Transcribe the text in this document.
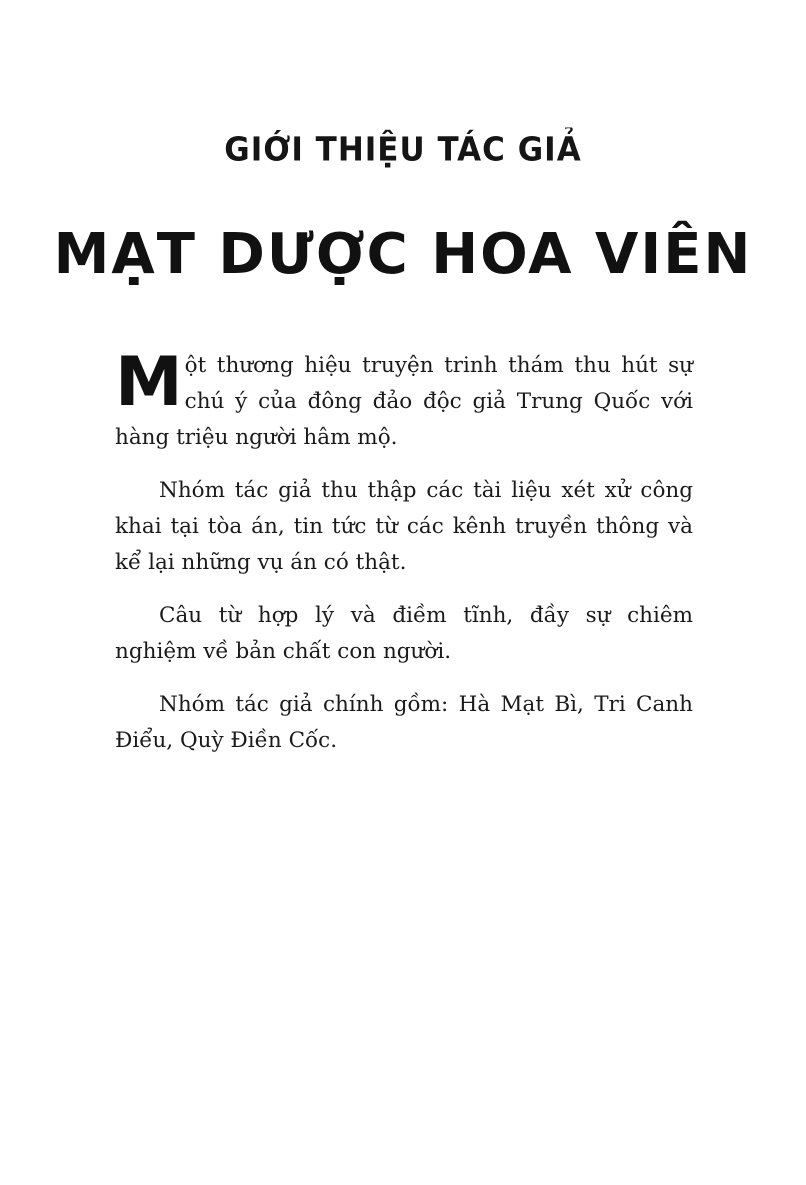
GIỚI THIỆU TÁC GIẢ
MẠT DƯỢC HOA VIÊN

Một thương hiệu truyện trinh thám thu hút sự chú ý của đông đảo độc giả Trung Quốc với hàng triệu người hâm mộ.

Nhóm tác giả thu thập các tài liệu xét xử công khai tại tòa án, tin tức từ các kênh truyền thông và kể lại những vụ án có thật.

Câu từ hợp lý và điềm tĩnh, đầy sự chiêm nghiệm về bản chất con người.

Nhóm tác giả chính gồm: Hà Mạt Bì, Tri Canh Điểu, Quỳ Điền Cốc.
